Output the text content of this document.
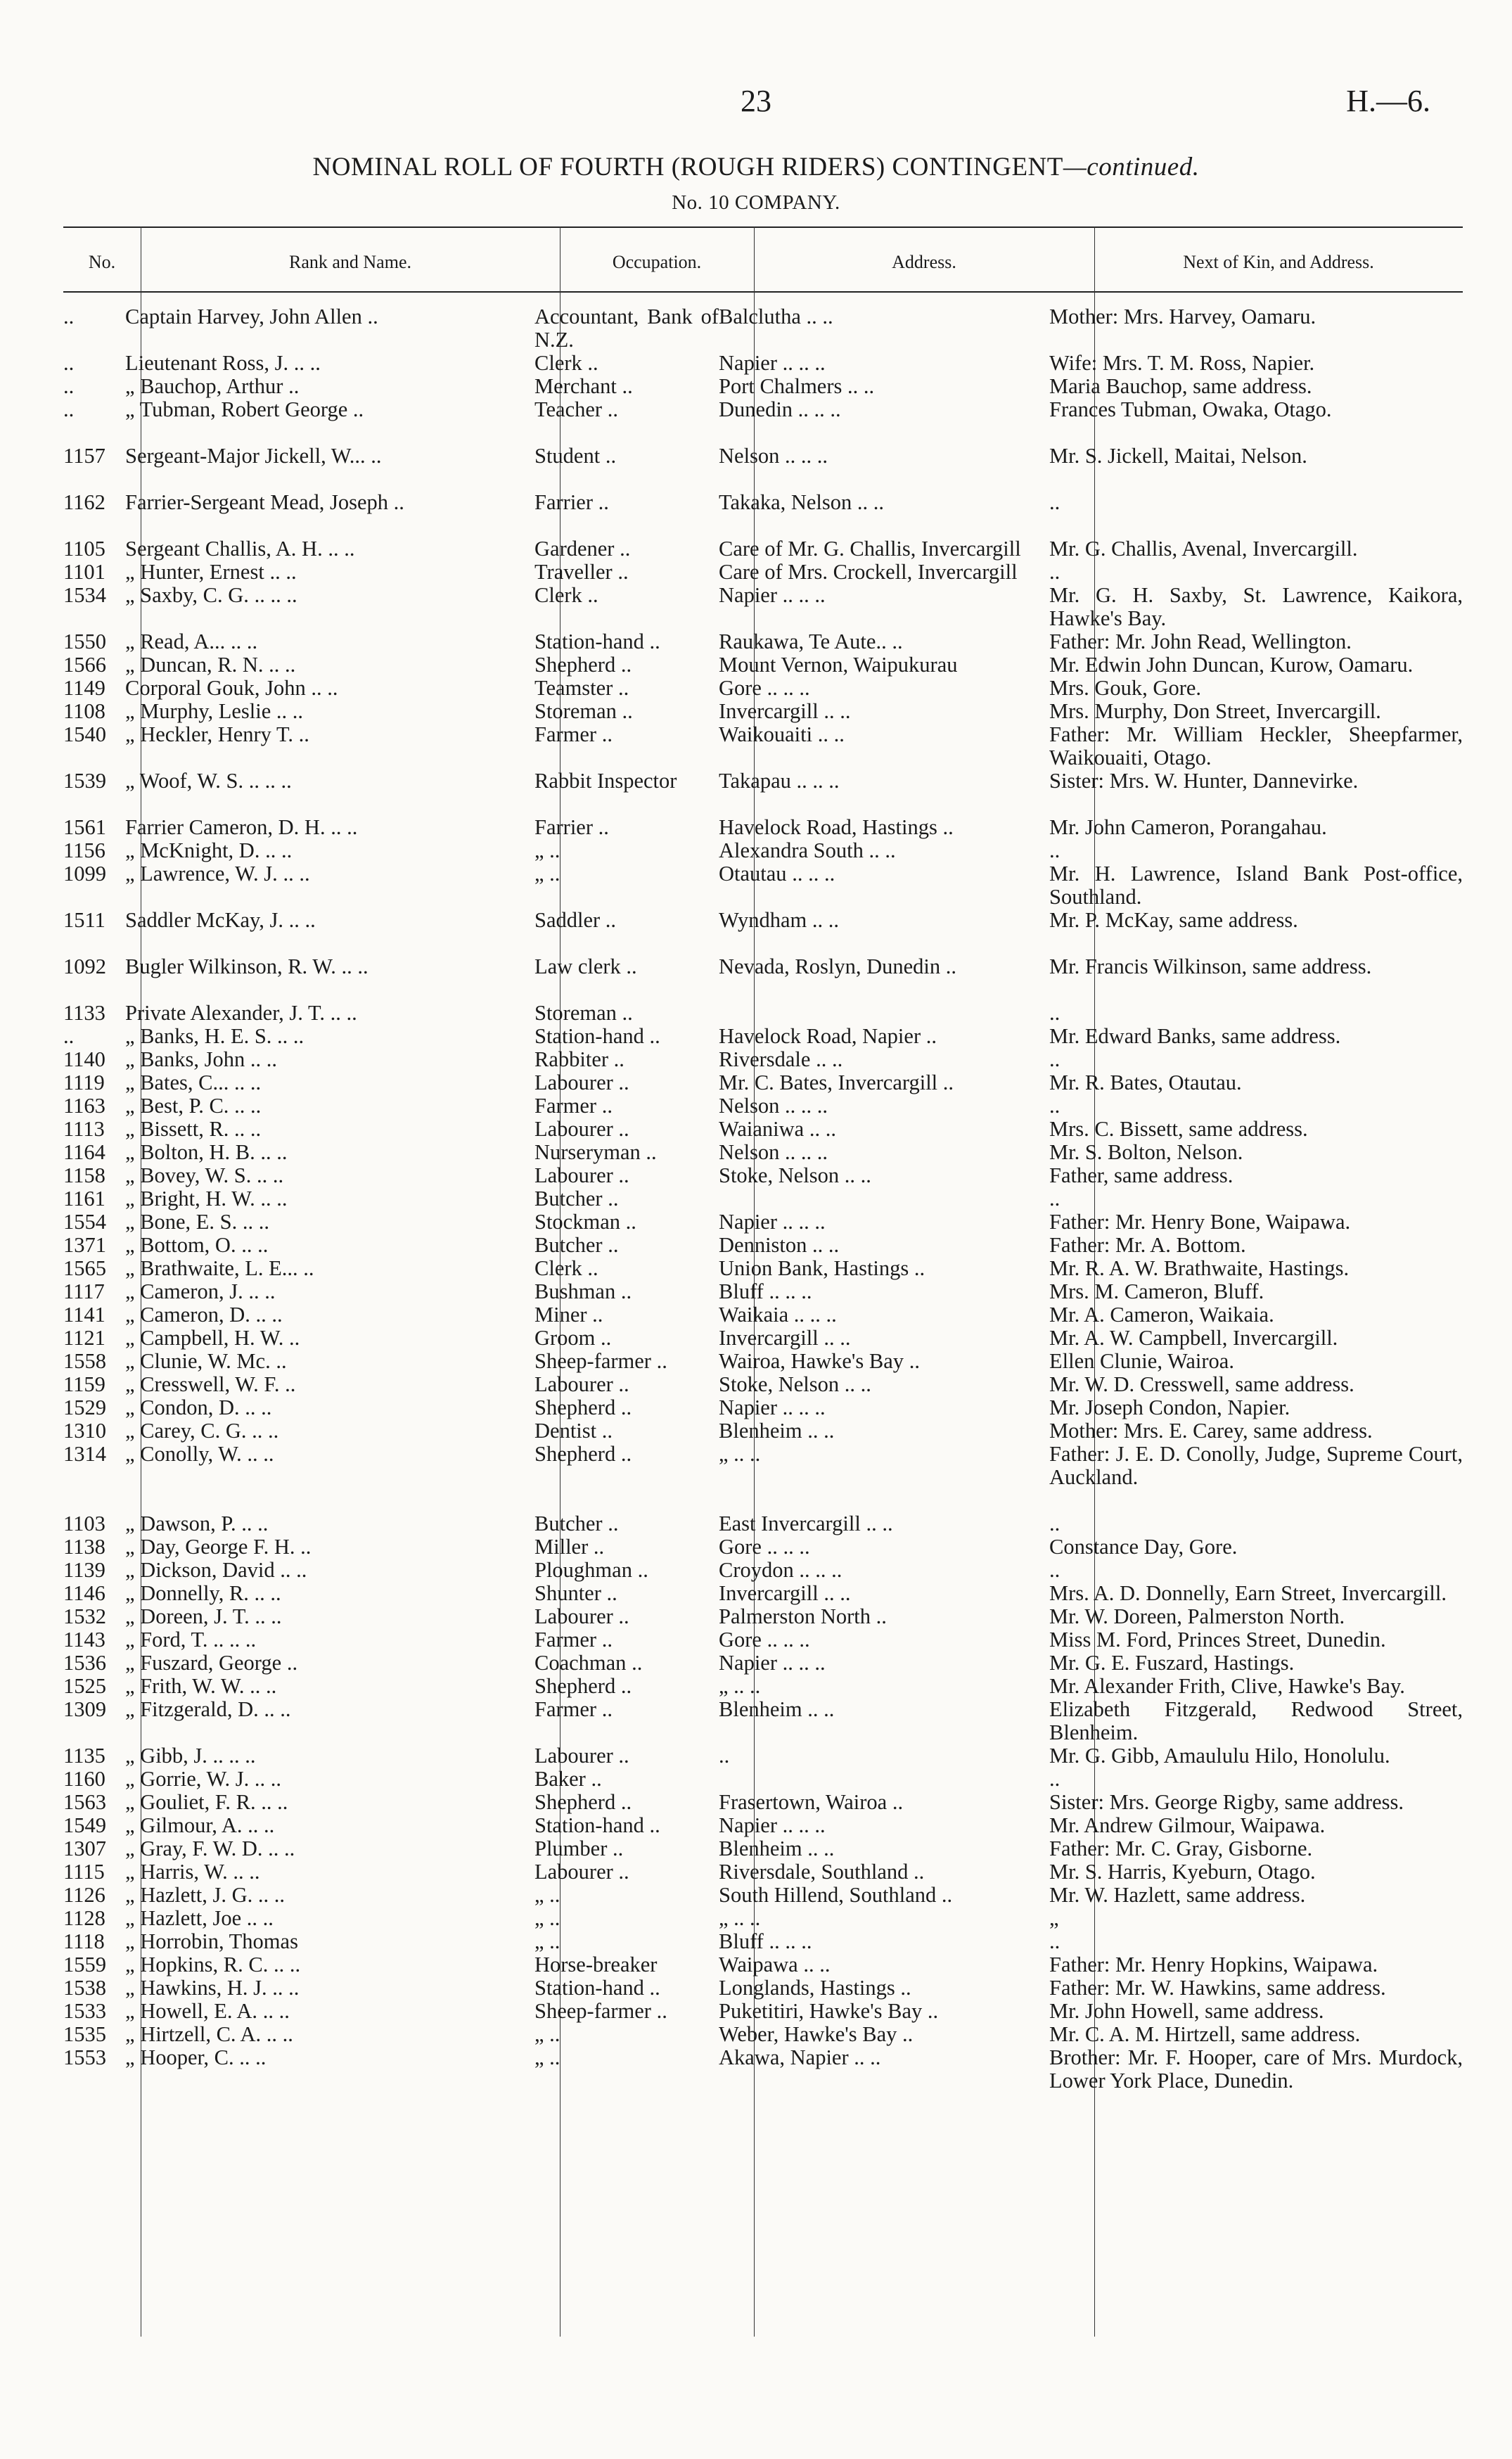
23	H.—6.
NOMINAL ROLL OF FOURTH (ROUGH RIDERS) CONTINGENT—continued.
No. 10 COMPANY.
No.	Rank and Name.	Occupation.	Address.	Next of Kin, and Address.
..	Captain Harvey, John Allen ..	Accountant, Bank of N.Z.	Balclutha .. ..	Mother: Mrs. Harvey, Oamaru.

..	Lieutenant Ross, J. .. ..	Clerk ..	Napier .. .. ..	Wife: Mrs. T. M. Ross, Napier.

..	„ Bauchop, Arthur ..	Merchant ..	Port Chalmers .. ..	Maria Bauchop, same address.

..	„ Tubman, Robert George ..	Teacher ..	Dunedin .. .. ..	Frances Tubman, Owaka, Otago.

1157	Sergeant-Major Jickell, W... ..	Student ..	Nelson .. .. ..	Mr. S. Jickell, Maitai, Nelson.

1162	Farrier-Sergeant Mead, Joseph ..	Farrier ..	Takaka, Nelson .. ..	..

1105	Sergeant Challis, A. H. .. ..	Gardener ..	Care of Mr. G. Challis, Invercargill	Mr. G. Challis, Avenal, Invercargill.

1101	„ Hunter, Ernest .. ..	Traveller ..	Care of Mrs. Crockell, Invercargill	..

1534	„ Saxby, C. G. .. .. ..	Clerk ..	Napier .. .. ..	Mr. G. H. Saxby, St. Lawrence, Kaikora, Hawke's Bay.

1550	„ Read, A... .. ..	Station-hand ..	Raukawa, Te Aute.. ..	Father: Mr. John Read, Wellington.

1566	„ Duncan, R. N. .. ..	Shepherd ..	Mount Vernon, Waipukurau	Mr. Edwin John Duncan, Kurow, Oamaru.

1149	Corporal Gouk, John .. ..	Teamster ..	Gore .. .. ..	Mrs. Gouk, Gore.

1108	„ Murphy, Leslie .. ..	Storeman ..	Invercargill .. ..	Mrs. Murphy, Don Street, Invercargill.

1540	„ Heckler, Henry T. ..	Farmer ..	Waikouaiti .. ..	Father: Mr. William Heckler, Sheepfarmer, Waikouaiti, Otago.

1539	„ Woof, W. S. .. .. ..	Rabbit Inspector	Takapau .. .. ..	Sister: Mrs. W. Hunter, Dannevirke.

1561	Farrier Cameron, D. H. .. ..	Farrier ..	Havelock Road, Hastings ..	Mr. John Cameron, Porangahau.

1156	„ McKnight, D. .. ..	„ ..	Alexandra South .. ..	..

1099	„ Lawrence, W. J. .. ..	„ ..	Otautau .. .. ..	Mr. H. Lawrence, Island Bank Post-office, Southland.

1511	Saddler McKay, J. .. ..	Saddler ..	Wyndham .. ..	Mr. P. McKay, same address.

1092	Bugler Wilkinson, R. W. .. ..	Law clerk ..	Nevada, Roslyn, Dunedin ..	Mr. Francis Wilkinson, same address.

1133	Private Alexander, J. T. .. ..	Storeman ..		..

..	„ Banks, H. E. S. .. ..	Station-hand ..	Havelock Road, Napier ..	Mr. Edward Banks, same address.

1140	„ Banks, John .. ..	Rabbiter ..	Riversdale .. ..	..

1119	„ Bates, C... .. ..	Labourer ..	Mr. C. Bates, Invercargill ..	Mr. R. Bates, Otautau.

1163	„ Best, P. C. .. ..	Farmer ..	Nelson .. .. ..	..

1113	„ Bissett, R. .. ..	Labourer ..	Waianiwa .. ..	Mrs. C. Bissett, same address.

1164	„ Bolton, H. B. .. ..	Nurseryman ..	Nelson .. .. ..	Mr. S. Bolton, Nelson.

1158	„ Bovey, W. S. .. ..	Labourer ..	Stoke, Nelson .. ..	Father, same address.

1161	„ Bright, H. W. .. ..	Butcher ..		..

1554	„ Bone, E. S. .. ..	Stockman ..	Napier .. .. ..	Father: Mr. Henry Bone, Waipawa.

1371	„ Bottom, O. .. ..	Butcher ..	Denniston .. ..	Father: Mr. A. Bottom.

1565	„ Brathwaite, L. E... ..	Clerk ..	Union Bank, Hastings ..	Mr. R. A. W. Brathwaite, Hastings.

1117	„ Cameron, J. .. ..	Bushman ..	Bluff .. .. ..	Mrs. M. Cameron, Bluff.

1141	„ Cameron, D. .. ..	Miner ..	Waikaia .. .. ..	Mr. A. Cameron, Waikaia.

1121	„ Campbell, H. W. ..	Groom ..	Invercargill .. ..	Mr. A. W. Campbell, Invercargill.

1558	„ Clunie, W. Mc. ..	Sheep-farmer ..	Wairoa, Hawke's Bay ..	Ellen Clunie, Wairoa.

1159	„ Cresswell, W. F. ..	Labourer ..	Stoke, Nelson .. ..	Mr. W. D. Cresswell, same address.

1529	„ Condon, D. .. ..	Shepherd ..	Napier .. .. ..	Mr. Joseph Condon, Napier.

1310	„ Carey, C. G. .. ..	Dentist ..	Blenheim .. ..	Mother: Mrs. E. Carey, same address.

1314	„ Conolly, W. .. ..	Shepherd ..	„ .. ..	Father: J. E. D. Conolly, Judge, Supreme Court, Auckland.

1103	„ Dawson, P. .. ..	Butcher ..	East Invercargill .. ..	..

1138	„ Day, George F. H. ..	Miller ..	Gore .. .. ..	Constance Day, Gore.

1139	„ Dickson, David .. ..	Ploughman ..	Croydon .. .. ..	..

1146	„ Donnelly, R. .. ..	Shunter ..	Invercargill .. ..	Mrs. A. D. Donnelly, Earn Street, Invercargill.

1532	„ Doreen, J. T. .. ..	Labourer ..	Palmerston North ..	Mr. W. Doreen, Palmerston North.

1143	„ Ford, T. .. .. ..	Farmer ..	Gore .. .. ..	Miss M. Ford, Princes Street, Dunedin.

1536	„ Fuszard, George ..	Coachman ..	Napier .. .. ..	Mr. G. E. Fuszard, Hastings.

1525	„ Frith, W. W. .. ..	Shepherd ..	„ .. ..	Mr. Alexander Frith, Clive, Hawke's Bay.

1309	„ Fitzgerald, D. .. ..	Farmer ..	Blenheim .. ..	Elizabeth Fitzgerald, Redwood Street, Blenheim.

1135	„ Gibb, J. .. .. ..	Labourer ..	..	Mr. G. Gibb, Amaululu Hilo, Honolulu.

1160	„ Gorrie, W. J. .. ..	Baker ..		..

1563	„ Gouliet, F. R. .. ..	Shepherd ..	Frasertown, Wairoa ..	Sister: Mrs. George Rigby, same address.

1549	„ Gilmour, A. .. ..	Station-hand ..	Napier .. .. ..	Mr. Andrew Gilmour, Waipawa.

1307	„ Gray, F. W. D. .. ..	Plumber ..	Blenheim .. ..	Father: Mr. C. Gray, Gisborne.

1115	„ Harris, W. .. ..	Labourer ..	Riversdale, Southland ..	Mr. S. Harris, Kyeburn, Otago.

1126	„ Hazlett, J. G. .. ..	„ ..	South Hillend, Southland ..	Mr. W. Hazlett, same address.

1128	„ Hazlett, Joe .. ..	„ ..	„ .. ..	„

1118	„ Horrobin, Thomas	„ ..	Bluff .. .. ..	..

1559	„ Hopkins, R. C. .. ..	Horse-breaker	Waipawa .. ..	Father: Mr. Henry Hopkins, Waipawa.

1538	„ Hawkins, H. J. .. ..	Station-hand ..	Longlands, Hastings ..	Father: Mr. W. Hawkins, same address.

1533	„ Howell, E. A. .. ..	Sheep-farmer ..	Puketitiri, Hawke's Bay ..	Mr. John Howell, same address.

1535	„ Hirtzell, C. A. .. ..	„ ..	Weber, Hawke's Bay ..	Mr. C. A. M. Hirtzell, same address.

1553	„ Hooper, C. .. ..	„ ..	Akawa, Napier .. ..	Brother: Mr. F. Hooper, care of Mrs. Murdock, Lower York Place, Dunedin.
